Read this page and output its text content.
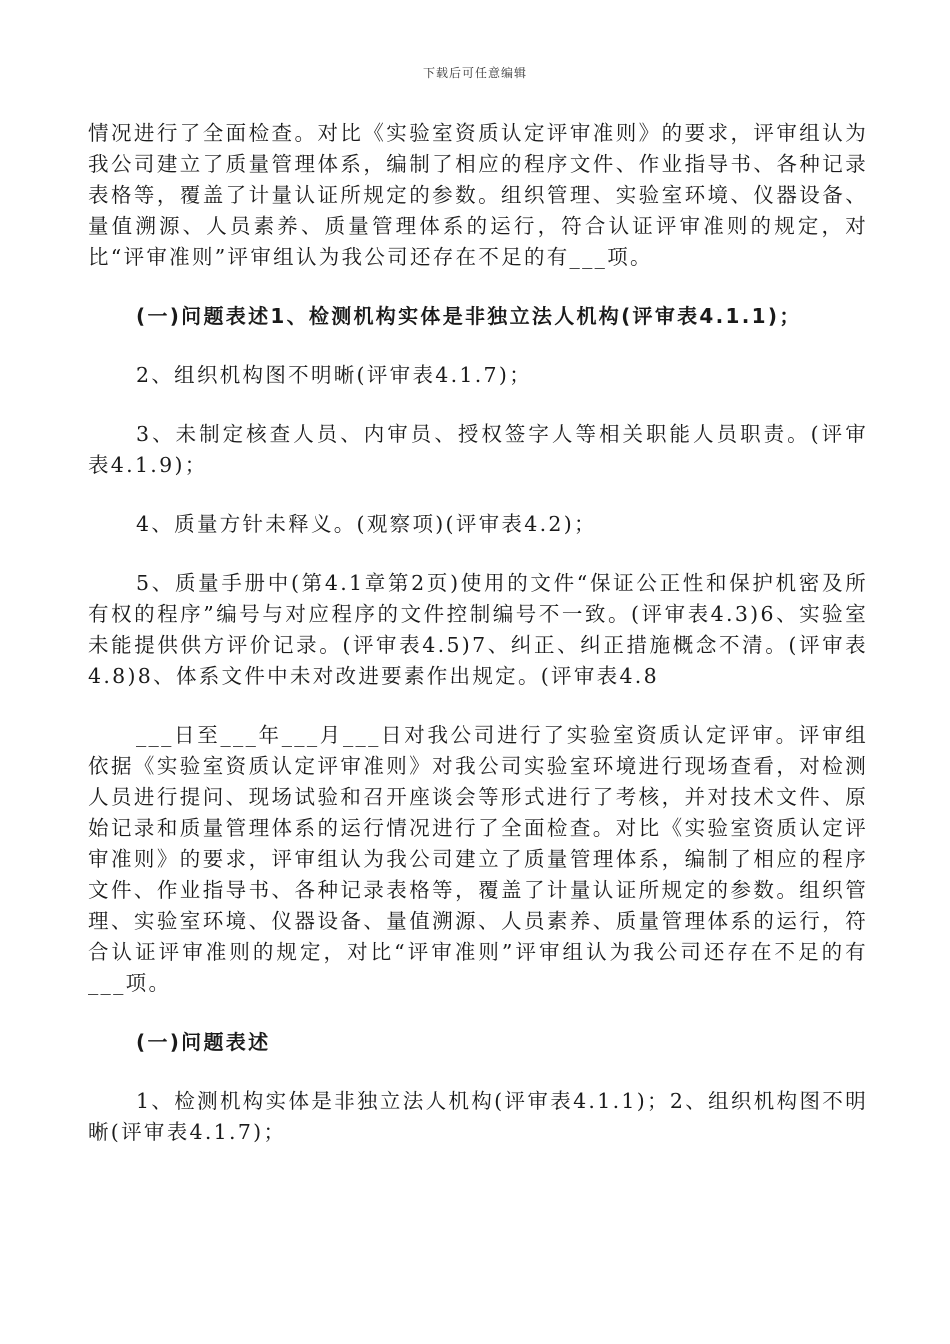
下载后可任意编辑

情况进行了全面检查。对比《实验室资质认定评审准则》的要求，评审组认为我公司建立了质量管理体系，编制了相应的程序文件、作业指导书、各种记录表格等，覆盖了计量认证所规定的参数。组织管理、实验室环境、仪器设备、量值溯源、人员素养、质量管理体系的运行，符合认证评审准则的规定，对比“评审准则”评审组认为我公司还存在不足的有___项。

(一)问题表述1、检测机构实体是非独立法人机构(评审表4.1.1)；

2、组织机构图不明晰(评审表4.1.7)；

3、未制定核查人员、内审员、授权签字人等相关职能人员职责。(评审表4.1.9)；

4、质量方针未释义。(观察项)(评审表4.2)；

5、质量手册中(第4.1章第2页)使用的文件“保证公正性和保护机密及所有权的程序”编号与对应程序的文件控制编号不一致。(评审表4.3)6、实验室未能提供供方评价记录。(评审表4.5)7、纠正、纠正措施概念不清。(评审表4.8)8、体系文件中未对改进要素作出规定。(评审表4.8

___日至___年___月___日对我公司进行了实验室资质认定评审。评审组依据《实验室资质认定评审准则》对我公司实验室环境进行现场查看，对检测人员进行提问、现场试验和召开座谈会等形式进行了考核，并对技术文件、原始记录和质量管理体系的运行情况进行了全面检查。对比《实验室资质认定评审准则》的要求，评审组认为我公司建立了质量管理体系，编制了相应的程序文件、作业指导书、各种记录表格等，覆盖了计量认证所规定的参数。组织管理、实验室环境、仪器设备、量值溯源、人员素养、质量管理体系的运行，符合认证评审准则的规定，对比“评审准则”评审组认为我公司还存在不足的有___项。

(一)问题表述

1、检测机构实体是非独立法人机构(评审表4.1.1)；2、组织机构图不明晰(评审表4.1.7)；
